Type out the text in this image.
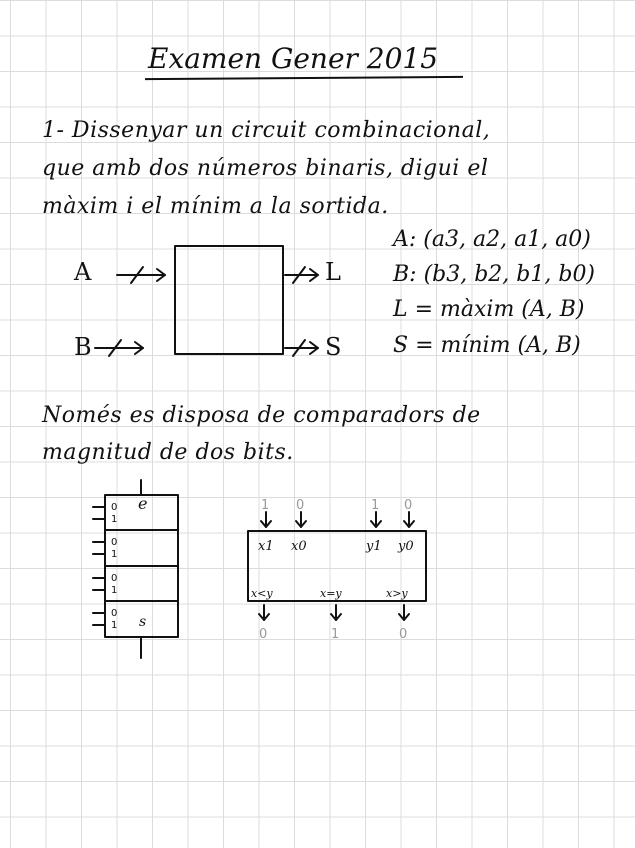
Examen Gener 2015
1- Dissenyar un circuit combinacional,
que amb dos números binaris, digui el
màxim i el mínim a la sortida.
A: (a3, a2, a1, a0)
B: (b3, b2, b1, b0)
L = màxim (A, B)
S = mínim (A, B)
A
B
L
S
Només es disposa de comparadors de
magnitud de dos bits.
e
s
0
1
0
1
0
1
0
1
1 0	1 0
x1 x0	y1 y0
x<y	x=y	x>y
0	1	0
